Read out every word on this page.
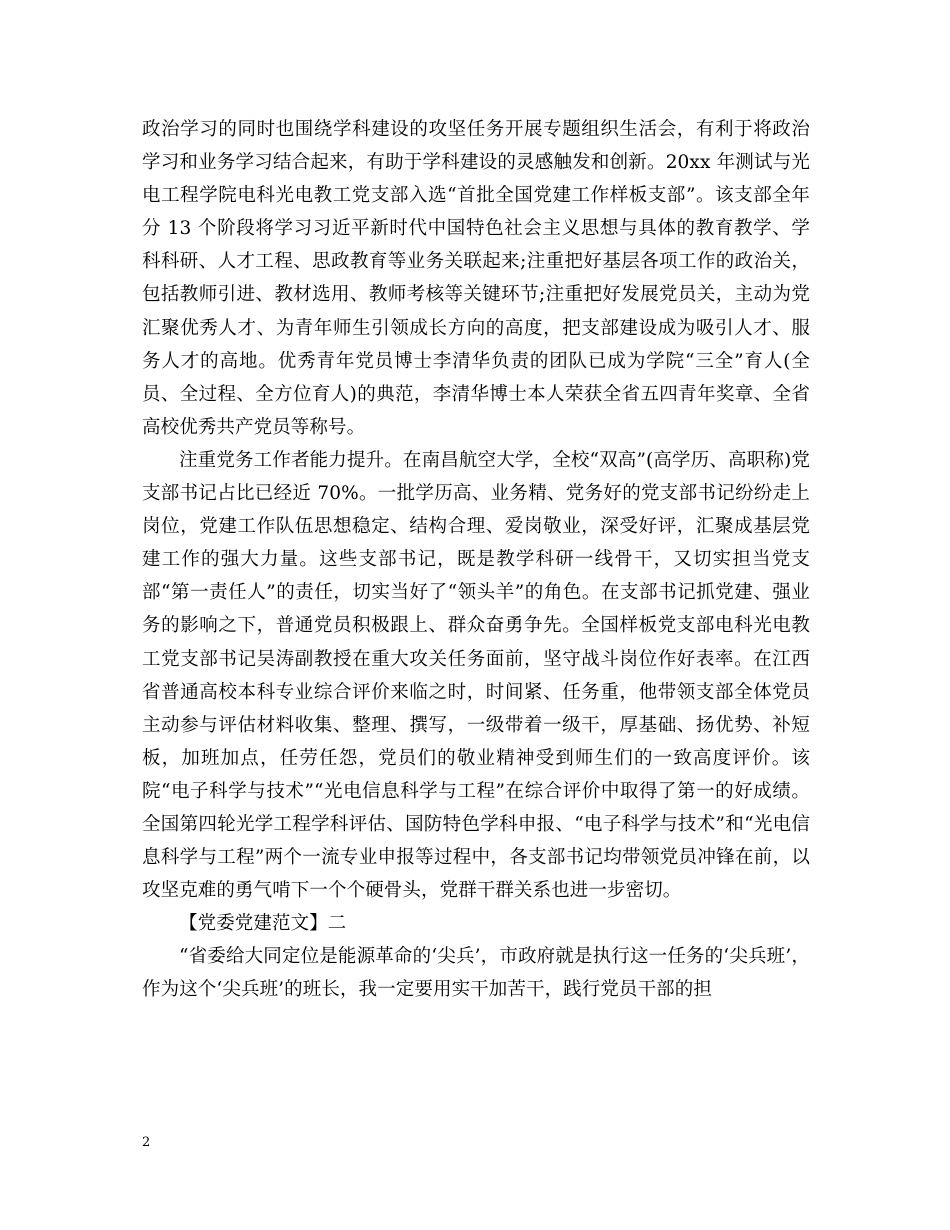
政治学习的同时也围绕学科建设的攻坚任务开展专题组织生活会，有利于将政治学习和业务学习结合起来，有助于学科建设的灵感触发和创新。20xx 年测试与光电工程学院电科光电教工党支部入选“首批全国党建工作样板支部”。该支部全年分 13 个阶段将学习习近平新时代中国特色社会主义思想与具体的教育教学、学科科研、人才工程、思政教育等业务关联起来;注重把好基层各项工作的政治关，包括教师引进、教材选用、教师考核等关键环节;注重把好发展党员关，主动为党汇聚优秀人才、为青年师生引领成长方向的高度，把支部建设成为吸引人才、服务人才的高地。优秀青年党员博士李清华负责的团队已成为学院“三全”育人(全员、全过程、全方位育人)的典范，李清华博士本人荣获全省五四青年奖章、全省高校优秀共产党员等称号。

注重党务工作者能力提升。在南昌航空大学，全校“双高”(高学历、高职称)党支部书记占比已经近 70%。一批学历高、业务精、党务好的党支部书记纷纷走上岗位，党建工作队伍思想稳定、结构合理、爱岗敬业，深受好评，汇聚成基层党建工作的强大力量。这些支部书记，既是教学科研一线骨干，又切实担当党支部“第一责任人”的责任，切实当好了“领头羊”的角色。在支部书记抓党建、强业务的影响之下，普通党员积极跟上、群众奋勇争先。全国样板党支部电科光电教工党支部书记吴涛副教授在重大攻关任务面前，坚守战斗岗位作好表率。在江西省普通高校本科专业综合评价来临之时，时间紧、任务重，他带领支部全体党员主动参与评估材料收集、整理、撰写，一级带着一级干，厚基础、扬优势、补短板，加班加点，任劳任怨，党员们的敬业精神受到师生们的一致高度评价。该院“电子科学与技术”“光电信息科学与工程”在综合评价中取得了第一的好成绩。全国第四轮光学工程学科评估、国防特色学科申报、“电子科学与技术”和“光电信息科学与工程”两个一流专业申报等过程中，各支部书记均带领党员冲锋在前，以攻坚克难的勇气啃下一个个硬骨头，党群干群关系也进一步密切。

【党委党建范文】二

“省委给大同定位是能源革命的‘尖兵’，市政府就是执行这一任务的‘尖兵班’，作为这个‘尖兵班’的班长，我一定要用实干加苦干，践行党员干部的担

2
